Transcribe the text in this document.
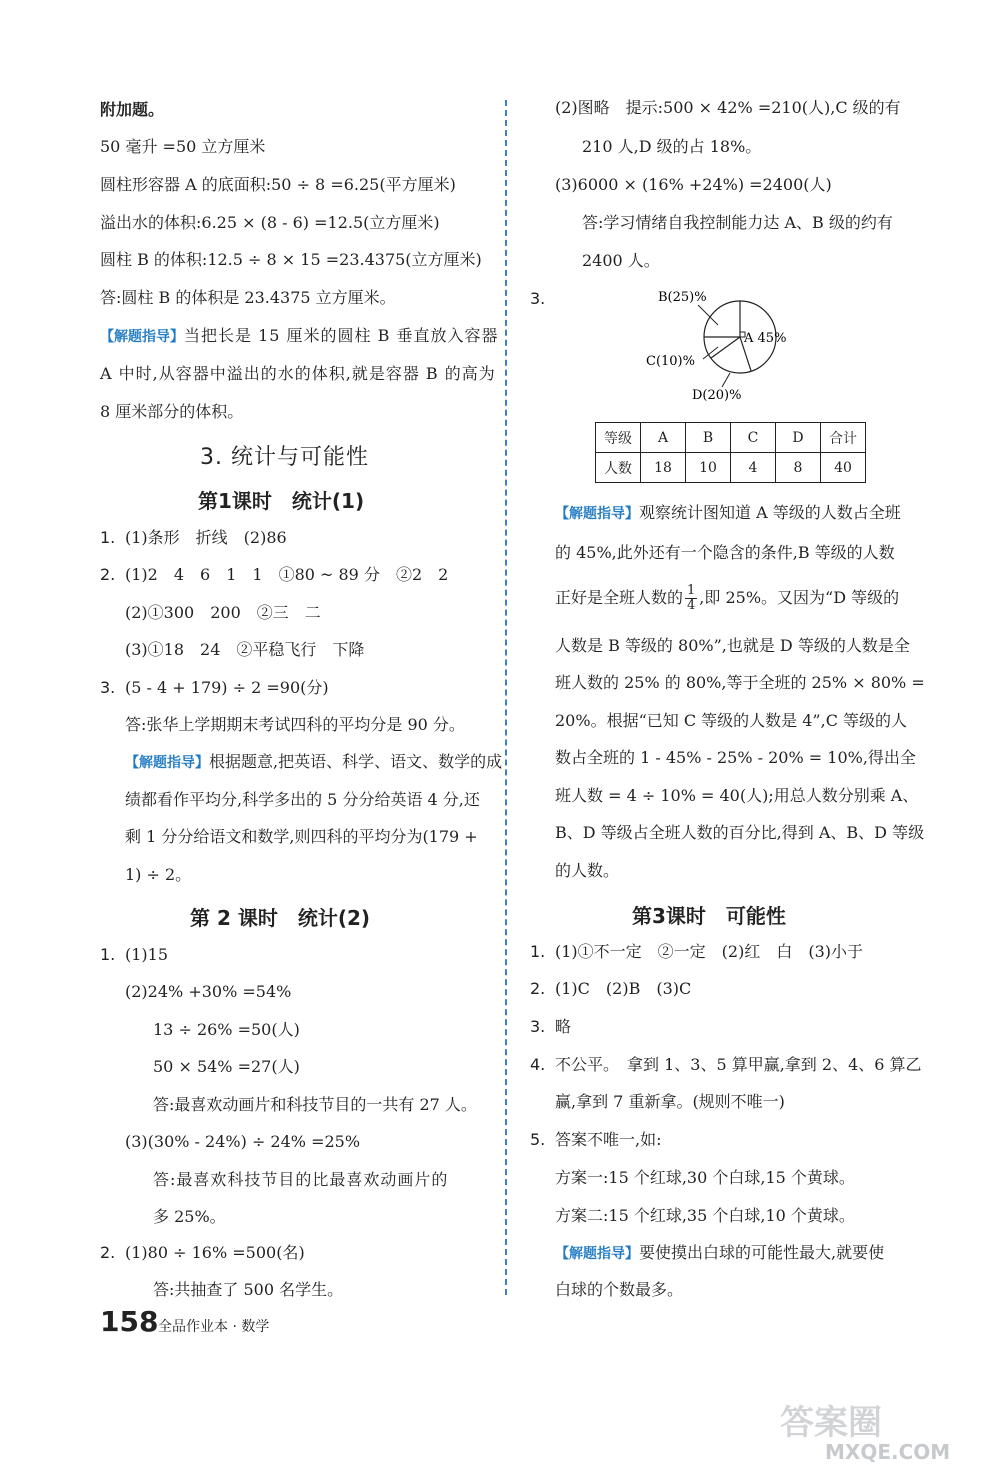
附加题。
50 毫升 =50 立方厘米
圆柱形容器 A 的底面积:50 ÷ 8 =6.25(平方厘米)
溢出水的体积:6.25 × (8 - 6) =12.5(立方厘米)
圆柱 B 的体积:12.5 ÷ 8 × 15 =23.4375(立方厘米)
答:圆柱 B 的体积是 23.4375 立方厘米。
【解题指导】当把长是 15 厘米的圆柱 B 垂直放入容器
A 中时,从容器中溢出的水的体积,就是容器 B 的高为
8 厘米部分的体积。
3. 统计与可能性
第1课时　统计(1)
1. (1)条形　折线　(2)86
2. (1)2　4　6　1　1　①80 ~ 89 分　②2　2
(2)①300　200　②三　二
(3)①18　24　②平稳飞行　下降
3. (5 - 4 + 179) ÷ 2 =90(分)
答:张华上学期期末考试四科的平均分是 90 分。
【解题指导】根据题意,把英语、科学、语文、数学的成
绩都看作平均分,科学多出的 5 分分给英语 4 分,还
剩 1 分分给语文和数学,则四科的平均分为(179 +
1) ÷ 2。
第 2 课时　统计(2)
1. (1)15
(2)24% +30% =54%
13 ÷ 26% =50(人)
50 × 54% =27(人)
答:最喜欢动画片和科技节目的一共有 27 人。
(3)(30% - 24%) ÷ 24% =25%
答:最喜欢科技节目的比最喜欢动画片的
多 25%。
2. (1)80 ÷ 16% =500(名)
答:共抽查了 500 名学生。
(2)图略　提示:500 × 42% =210(人),C 级的有
210 人,D 级的占 18%。
(3)6000 × (16% +24%) =2400(人)
答:学习情绪自我控制能力达 A、B 级的约有
2400 人。
3.	B(25)%
A 45%
C(10)%
D(20)%
等级	A	B	C	D	合计
人数	18	10	4	8	40
【解题指导】观察统计图知道 A 等级的人数占全班
的 45%,此外还有一个隐含的条件,B 等级的人数
正好是全班人数的 $\frac{1}{4}$ ,即 25%。又因为“D 等级的
人数是 B 等级的 80%”,也就是 D 等级的人数是全
班人数的 25% 的 80%,等于全班的 25% × 80% =
20%。根据“已知 C 等级的人数是 4”,C 等级的人
数占全班的 1 - 45% - 25% - 20% = 10%,得出全
班人数 = 4 ÷ 10% = 40(人);用总人数分别乘 A、
B、D 等级占全班人数的百分比,得到 A、B、D 等级
的人数。
第3课时　可能性
1. (1)①不一定　②一定　(2)红　白　(3)小于
2. (1)C　(2)B　(3)C
3. 略
4. 不公平。　拿到 1、3、5 算甲赢,拿到 2、4、6 算乙
赢,拿到 7 重新拿。(规则不唯一)
5. 答案不唯一,如:
方案一:15 个红球,30 个白球,15 个黄球。
方案二:15 个红球,35 个白球,10 个黄球。
【解题指导】要使摸出白球的可能性最大,就要使
白球的个数最多。
158 全品作业本 · 数学
答案圈
MXQE.COM
